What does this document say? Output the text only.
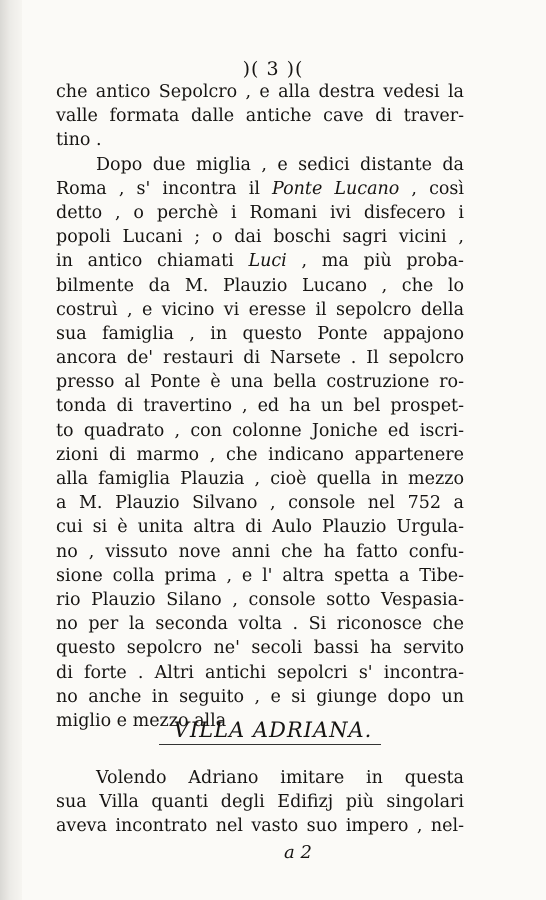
)( 3 )(
che antico Sepolcro , e alla destra vedesi la
valle formata dalle antiche cave di traver-
tino .
Dopo due miglia , e sedici distante da
Roma , s' incontra il Ponte Lucano , così
detto , o perchè i Romani ivi disfecero i
popoli Lucani ; o dai boschi sagri vicini ,
in antico chiamati Luci , ma più proba-
bilmente da M. Plauzio Lucano , che lo
costruì , e vicino vi eresse il sepolcro della
sua famiglia , in questo Ponte appajono
ancora de' restauri di Narsete . Il sepolcro
presso al Ponte è una bella costruzione ro-
tonda di travertino , ed ha un bel prospet-
to quadrato , con colonne Joniche ed iscri-
zioni di marmo , che indicano appartenere
alla famiglia Plauzia , cioè quella in mezzo
a M. Plauzio Silvano , console nel 752 a
cui si è unita altra di Aulo Plauzio Urgula-
no , vissuto nove anni che ha fatto confu-
sione colla prima , e l' altra spetta a Tibe-
rio Plauzio Silano , console sotto Vespasia-
no per la seconda volta . Si riconosce che
questo sepolcro ne' secoli bassi ha servito
di forte . Altri antichi sepolcri s' incontra-
no anche in seguito , e si giunge dopo un
miglio e mezzo alla
VILLA ADRIANA.
Volendo Adriano imitare in questa
sua Villa quanti degli Edifizj più singolari
aveva incontrato nel vasto suo impero , nel-
a 2
